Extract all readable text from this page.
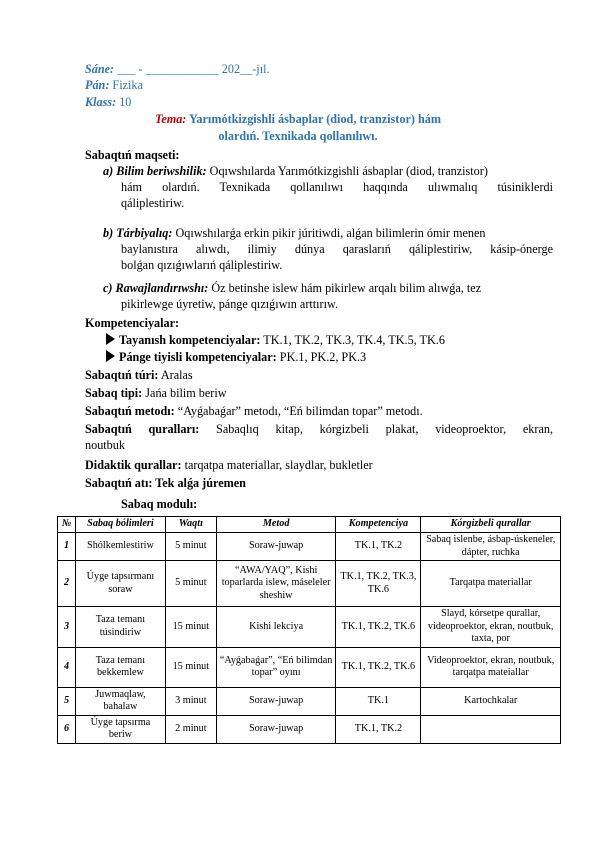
Sáne: ___ - ____________ 202__-jıl.
Pán: Fizika
Klass: 10
Tema: Yarımótkizgishli ásbaplar (diod, tranzistor) hám
olardıń. Texnikada qollanılıwı.
Sabaqtıń maqseti:
a) Bilim beriwshilik: Oqıwshılarda Yarımótkizgishli ásbaplar (diod, tranzistor)
hám olardıń. Texnikada qollanılıwı haqqında ulıwmalıq túsiniklerdi
qáliplestiriw.
b) Tárbiyalıq: Oqıwshılarǵa erkin pikir júritiwdi, alǵan bilimlerin ómir menen
baylanıstıra alıwdı, ilimiy dúnya qaraslarıń qáliplestiriw, kásip-ónerge
bolǵan qızıǵıwlarıń qáliplestiriw.
c) Rawajlandırıwshı: Óz betinshe islew hám pikirlew arqalı bilim alıwǵa, tez
pikirlewge úyretiw, pánge qızıǵıwın arttırıw.
Kompetenciyalar:
Tayanısh kompetenciyalar: TK.1, TK.2, TK.3, TK.4, TK.5, TK.6
Pánge tiyisli kompetenciyalar: PK.1, PK.2, PK.3
Sabaqtıń túri: Aralas
Sabaq tipi: Jańa bilim beriw
Sabaqtıń metodı: “Ayǵabaǵar” metodı, “Eń bilimdan topar” metodı.
Sabaqtıń quralları: Sabaqlıq kitap, kórgizbeli plakat, videoproektor, ekran,
noutbuk
Didaktik qurallar: tarqatpa materiallar, slaydlar, bukletler
Sabaqtıń atı: Tek alǵa júremen
Sabaq modulı:
№	Sabaq bólimleri	Waqtı	Metod	Kompetenciya	Kórgizbeli qurallar
1	Shólkemlestiriw	5 minut	Soraw-juwap	TK.1, TK.2	Sabaq islenbe, ásbap-úskeneler, dápter, ruchka
2	Úyge tapsırmanı soraw	5 minut	“AWA/YAQ”, Kishi toparlarda islew, máseleler sheshiw	TK.1, TK.2, TK.3, TK.6	Tarqatpa materiallar
3	Taza temanı túsindiriw	15 minut	Kishi lekciya	TK.1, TK.2, TK.6	Slayd, kórsetpe qurallar, videoproektor, ekran, noutbuk, taxta, por
4	Taza temanı bekkemlew	15 minut	“Ayǵabaǵar”, “Eń bilimdan topar” oyını	TK.1, TK.2, TK.6	Videoproektor, ekran, noutbuk, tarqatpa mateiallar
5	Juwmaqlaw, bahalaw	3 minut	Soraw-juwap	TK.1	Kartochkalar
6	Úyge tapsırma beriw	2 minut	Soraw-juwap	TK.1, TK.2	
